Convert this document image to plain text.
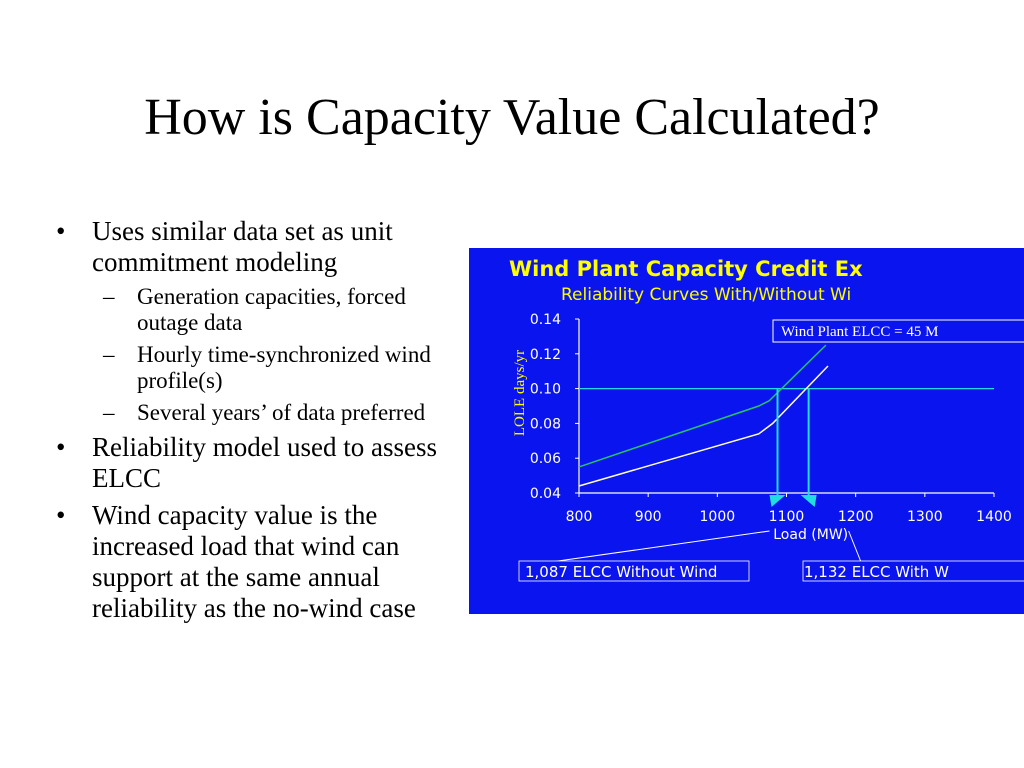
How is Capacity Value Calculated?
• Uses similar data set as unit commitment modeling
– Generation capacities, forced outage data
– Hourly time-synchronized wind profile(s)
– Several years’ of data preferred
• Reliability model used to assess ELCC
• Wind capacity value is the increased load that wind can support at the same annual reliability as the no-wind case
Wind Plant Capacity Credit Ex
Reliability Curves With/Without Wi
0.04
0.06
0.08
0.10
0.12
0.14
800	900	1000 1100 1200 1300 1400
Load (MW)
LOLE days/yr
Wind Plant ELCC = 45 M
1,087 ELCC Without Wind	1,132 ELCC With W
